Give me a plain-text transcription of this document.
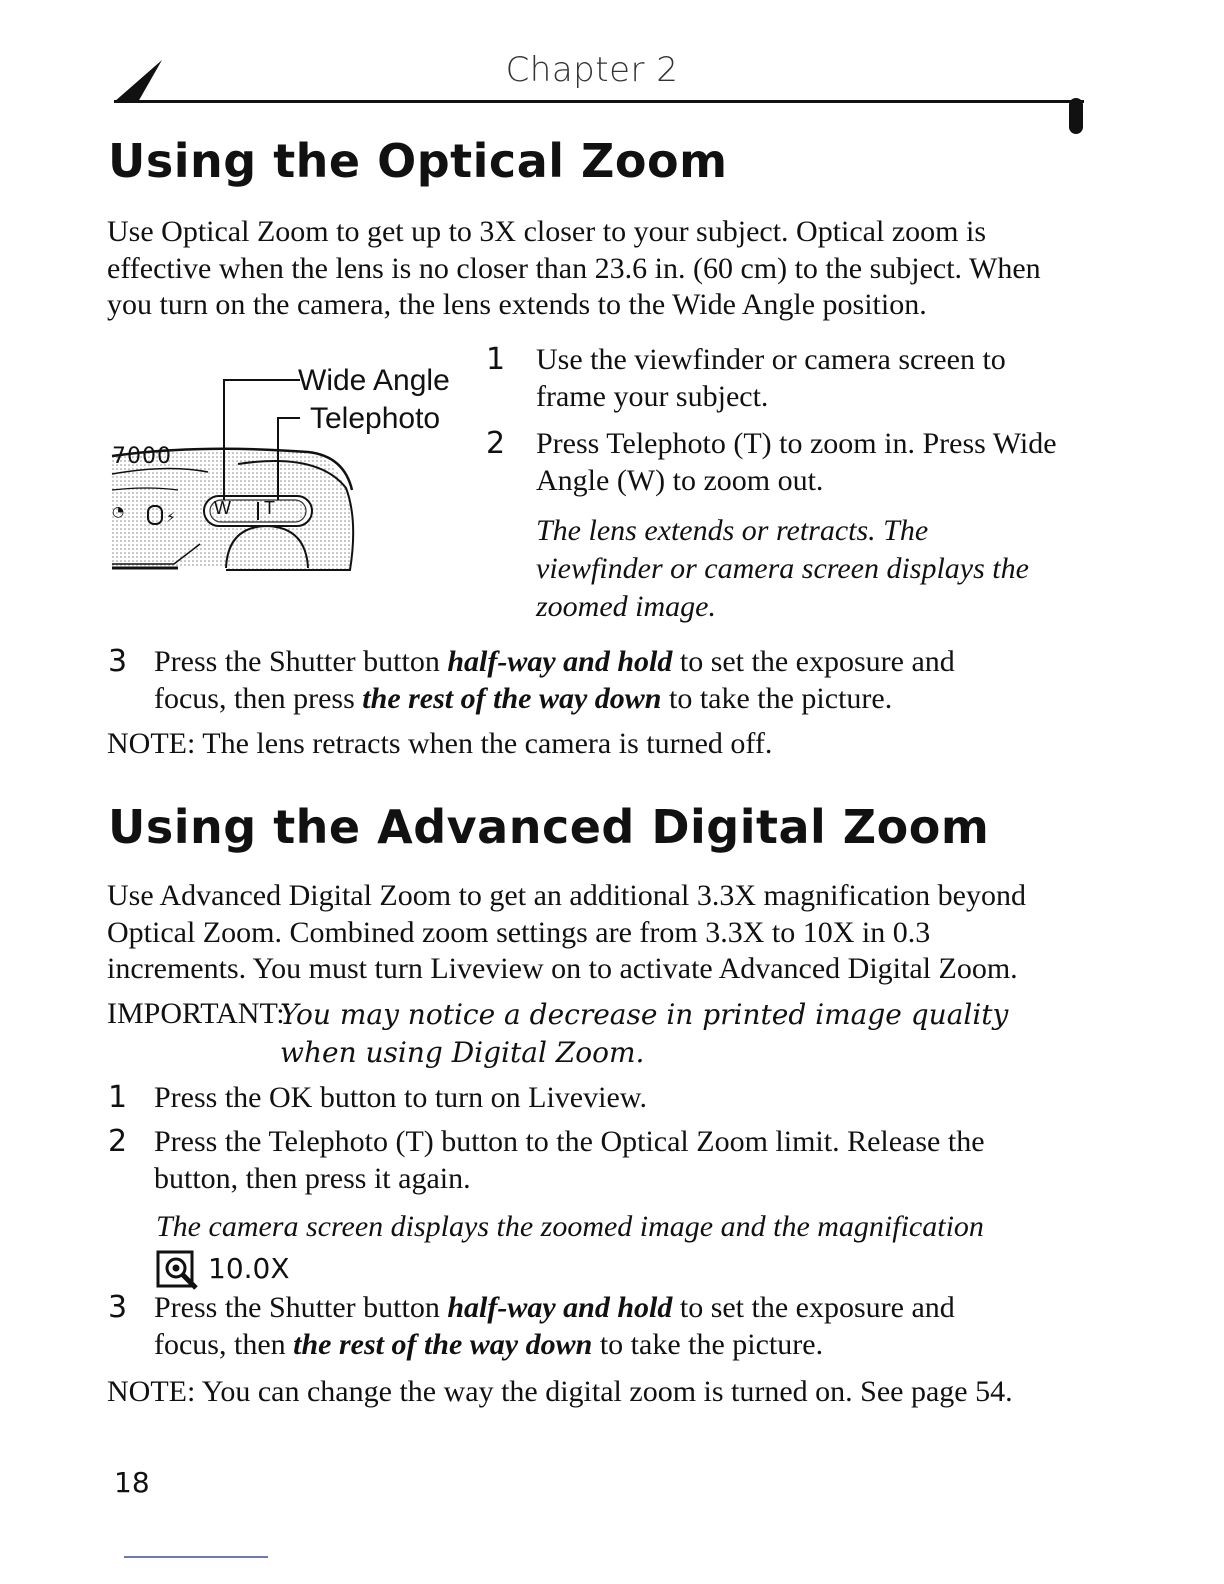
Chapter 2
Using the Optical Zoom
Use Optical Zoom to get up to 3X closer to your subject. Optical zoom is
effective when the lens is no closer than 23.6 in. (60 cm) to the subject. When
you turn on the camera, the lens extends to the Wide Angle position.
⚡
◔
Wide Angle
Telephoto
7000
W T
1 Use the viewfinder or camera screen to
frame your subject.
2 Press Telephoto (T) to zoom in. Press Wide
Angle (W) to zoom out.
The lens extends or retracts. The
viewfinder or camera screen displays the
zoomed image.
3 Press the Shutter button half-way and hold to set the exposure and
focus, then press the rest of the way down to take the picture.
NOTE: The lens retracts when the camera is turned off.
Using the Advanced Digital Zoom
Use Advanced Digital Zoom to get an additional 3.3X magnification beyond
Optical Zoom. Combined zoom settings are from 3.3X to 10X in 0.3
increments. You must turn Liveview on to activate Advanced Digital Zoom.
IMPORTANT:
You may notice a decrease in printed image quality
when using Digital Zoom.
1 Press the OK button to turn on Liveview.
2 Press the Telephoto (T) button to the Optical Zoom limit. Release the
button, then press it again.
The camera screen displays the zoomed image and the magnification
10.0X
3 Press the Shutter button half-way and hold to set the exposure and
focus, then the rest of the way down to take the picture.
NOTE: You can change the way the digital zoom is turned on. See page 54.
18
